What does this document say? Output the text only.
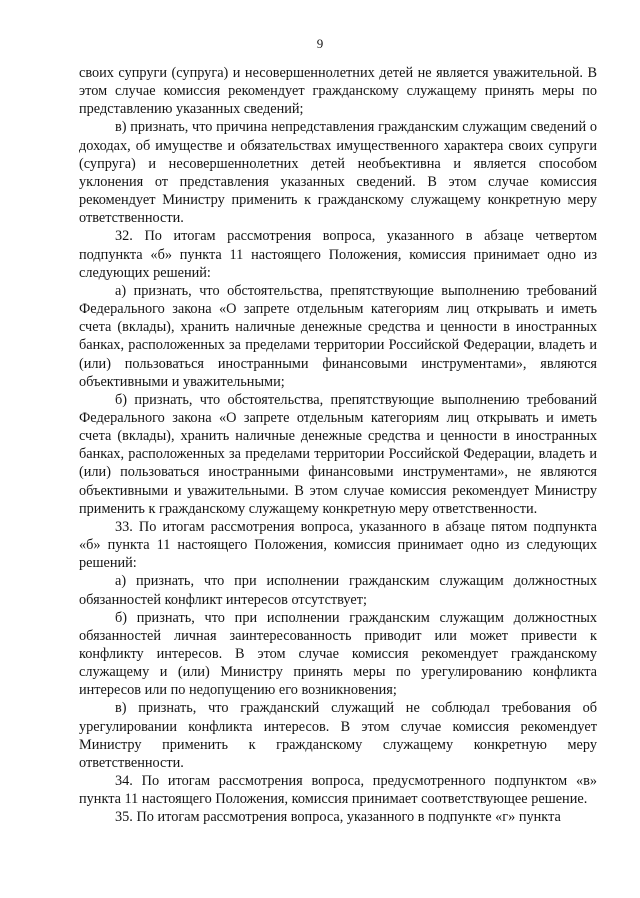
9

своих супруги (супруга) и несовершеннолетних детей не является уважительной. В этом случае комиссия рекомендует гражданскому служащему принять меры по представлению указанных сведений;

в) признать, что причина непредставления гражданским служащим сведений о доходах, об имуществе и обязательствах имущественного характера своих супруги (супруга) и несовершеннолетних детей необъективна и является способом уклонения от представления указанных сведений. В этом случае комиссия рекомендует Министру применить к гражданскому служащему конкретную меру ответственности.

32. По итогам рассмотрения вопроса, указанного в абзаце четвертом подпункта «б» пункта 11 настоящего Положения, комиссия принимает одно из следующих решений:

а) признать, что обстоятельства, препятствующие выполнению требований Федерального закона «О запрете отдельным категориям лиц открывать и иметь счета (вклады), хранить наличные денежные средства и ценности в иностранных банках, расположенных за пределами территории Российской Федерации, владеть и (или) пользоваться иностранными финансовыми инструментами», являются объективными и уважительными;

б) признать, что обстоятельства, препятствующие выполнению требований Федерального закона «О запрете отдельным категориям лиц открывать и иметь счета (вклады), хранить наличные денежные средства и ценности в иностранных банках, расположенных за пределами территории Российской Федерации, владеть и (или) пользоваться иностранными финансовыми инструментами», не являются объективными и уважительными. В этом случае комиссия рекомендует Министру применить к гражданскому служащему конкретную меру ответственности.

33. По итогам рассмотрения вопроса, указанного в абзаце пятом подпункта «б» пункта 11 настоящего Положения, комиссия принимает одно из следующих решений:

а) признать, что при исполнении гражданским служащим должностных обязанностей конфликт интересов отсутствует;

б) признать, что при исполнении гражданским служащим должностных обязанностей личная заинтересованность приводит или может привести к конфликту интересов. В этом случае комиссия рекомендует гражданскому служащему и (или) Министру принять меры по урегулированию конфликта интересов или по недопущению его возникновения;

в) признать, что гражданский служащий не соблюдал требования об урегулировании конфликта интересов. В этом случае комиссия рекомендует Министру применить к гражданскому служащему конкретную меру ответственности.

34. По итогам рассмотрения вопроса, предусмотренного подпунктом «в» пункта 11 настоящего Положения, комиссия принимает соответствующее решение.

35. По итогам рассмотрения вопроса, указанного в подпункте «г» пункта
